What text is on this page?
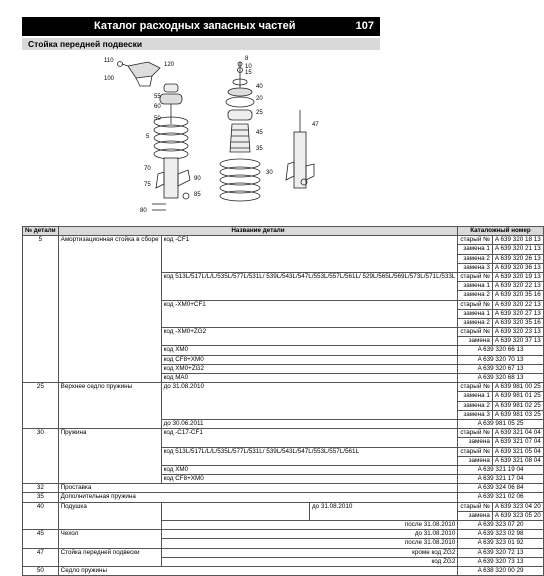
Каталог расходных запасных частей	107
Стойка передней подвески
110
120
100
8
10
15
40
55
60
50
20
25
45
47
30
35
5
70
75
90
85
80
№ детали	Название детали			Каталожный номер	
5	Амортизационная стойка в сборе	код -CF1		старый №	A 639 320 18 13
				замена 1	A 639 320 21 13
				замена 2	A 639 320 26 13
				замена 3	A 639 320 36 13
		код 513L/517L/L/L/535L/577L/531L/ 539L/543L/547L/553L/557L/561L/ 529L/565L/569L/573L/571L/533L		старый №	A 639 320 19 13
				замена 1	A 639 320 22 13
				замена 2	A 639 320 35 16
		код -XM0+CF1		старый №	A 639 320 22 13
				замена 1	A 639 320 27 13
				замена 2	A 639 320 35 16
		код -XM0+ZG2		старый №	A 639 320 23 13
				замена	A 639 320 37 13
		код XM0		A 639 320 66 13	
		код CF8+XM0		A 639 320 70 13	
		код XM0+ZG2		A 639 320 67 13	
		код MA0		A 639 320 68 13	
25	Верхнее седло пружины	до 31.08.2010		старый №	A 639 981 00 25
				замена 1	A 639 981 01 25
				замена 2	A 639 981 02 25
				замена 3	A 639 981 03 25
		до 30.06.2011		A 639 981 05 25	
30	Пружина	код -C17-CF1		старый №	A 639 321 04 04
				замена	A 639 321 07 04
		код 513L/517L/L/L/535L/577L/531L/ 539L/543L/547L/553L/557L/561L		старый №	A 639 321 05 04
				замена	A 639 321 08 04
		код XM0		A 639 321 19 04	
		код CF8+XM0		A 639 321 17 04	
32	Проставка			A 639 324 06 84	
35	Дополнительная пружина			A 639 321 02 06	
40	Подушка		до 31.08.2010	старый №	A 639 323 04 20
				замена	A 639 323 05 20
		после 31.08.2010		A 639 323 07 20	
45	Чехол	до 31.08.2010		A 639 323 02 98	
		после 31.08.2010		A 639 323 01 92	
47	Стойка передней подвески	кроме код ZG2		A 639 320 72 13	
		код ZG2		A 639 320 73 13	
50	Седло пружины			A 638 320 00 29	
